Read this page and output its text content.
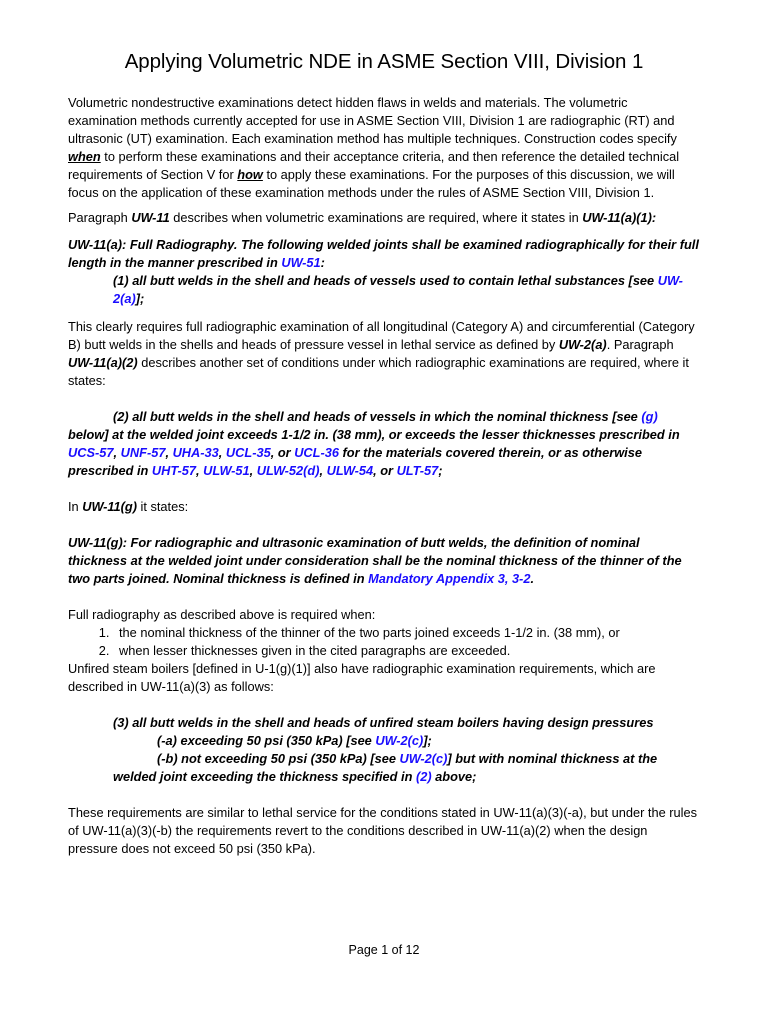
Applying Volumetric NDE in ASME Section VIII, Division 1

Volumetric nondestructive examinations detect hidden flaws in welds and materials. The volumetric examination methods currently accepted for use in ASME Section VIII, Division 1 are radiographic (RT) and ultrasonic (UT) examination. Each examination method has multiple techniques. Construction codes specify when to perform these examinations and their acceptance criteria, and then reference the detailed technical requirements of Section V for how to apply these examinations. For the purposes of this discussion, we will focus on the application of these examination methods under the rules of ASME Section VIII, Division 1.

Paragraph UW-11 describes when volumetric examinations are required, where it states in UW-11(a)(1):

UW-11(a): Full Radiography. The following welded joints shall be examined radiographically for their full length in the manner prescribed in UW-51:

(1) all butt welds in the shell and heads of vessels used to contain lethal substances [see UW-2(a)];

This clearly requires full radiographic examination of all longitudinal (Category A) and circumferential (Category B) butt welds in the shells and heads of pressure vessel in lethal service as defined by UW-2(a). Paragraph UW-11(a)(2) describes another set of conditions under which radiographic examinations are required, where it states:

(2) all butt welds in the shell and heads of vessels in which the nominal thickness [see (g) below] at the welded joint exceeds 1-1/2 in. (38 mm), or exceeds the lesser thicknesses prescribed in UCS-57, UNF-57, UHA-33, UCL-35, or UCL-36 for the materials covered therein, or as otherwise prescribed in UHT-57, ULW-51, ULW-52(d), ULW-54, or ULT-57;

In UW-11(g) it states:

UW-11(g): For radiographic and ultrasonic examination of butt welds, the definition of nominal thickness at the welded joint under consideration shall be the nominal thickness of the thinner of the two parts joined. Nominal thickness is defined in Mandatory Appendix 3, 3-2.

Full radiography as described above is required when:

1. the nominal thickness of the thinner of the two parts joined exceeds 1-1/2 in. (38 mm), or
2. when lesser thicknesses given in the cited paragraphs are exceeded.

Unfired steam boilers [defined in U-1(g)(1)] also have radiographic examination requirements, which are described in UW-11(a)(3) as follows:

(3) all butt welds in the shell and heads of unfired steam boilers having design pressures

(-a) exceeding 50 psi (350 kPa) [see UW-2(c)];

(-b) not exceeding 50 psi (350 kPa) [see UW-2(c)] but with nominal thickness at the welded joint exceeding the thickness specified in (2) above;

These requirements are similar to lethal service for the conditions stated in UW-11(a)(3)(-a), but under the rules of UW-11(a)(3)(-b) the requirements revert to the conditions described in UW-11(a)(2) when the design pressure does not exceed 50 psi (350 kPa).

Page 1 of 12
